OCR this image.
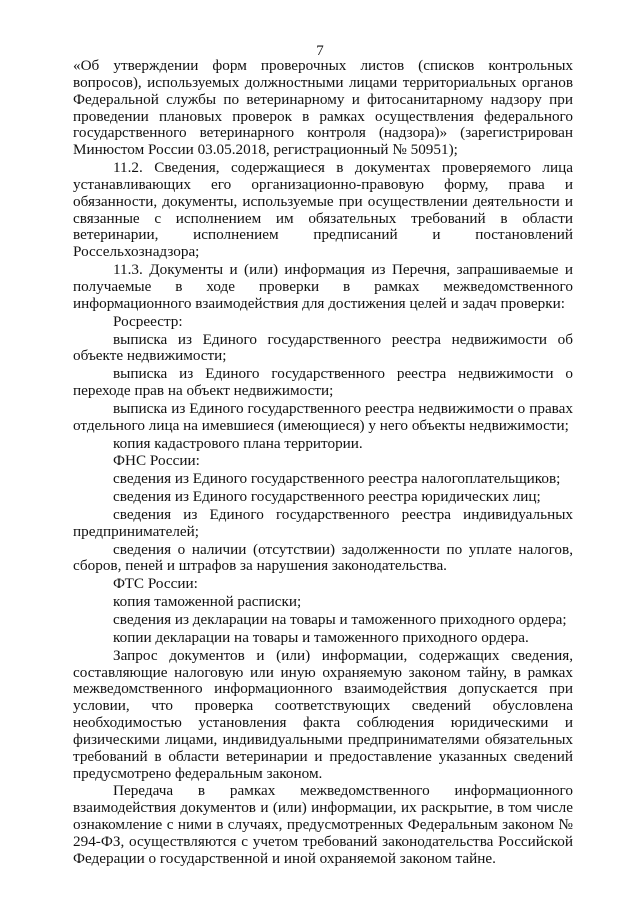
7

«Об утверждении форм проверочных листов (списков контрольных вопросов), используемых должностными лицами территориальных органов Федеральной службы по ветеринарному и фитосанитарному надзору при проведении плановых проверок в рамках осуществления федерального государственного ветеринарного контроля (надзора)» (зарегистрирован Минюстом России 03.05.2018, регистрационный № 50951);

11.2. Сведения, содержащиеся в документах проверяемого лица устанавливающих его организационно-правовую форму, права и обязанности, документы, используемые при осуществлении деятельности и связанные с исполнением им обязательных требований в области ветеринарии, исполнением предписаний и постановлений Россельхознадзора;

11.3. Документы и (или) информация из Перечня, запрашиваемые и получаемые в ходе проверки в рамках межведомственного информационного взаимодействия для достижения целей и задач проверки:

Росреестр:

выписка из Единого государственного реестра недвижимости об объекте недвижимости;

выписка из Единого государственного реестра недвижимости о переходе прав на объект недвижимости;

выписка из Единого государственного реестра недвижимости о правах отдельного лица на имевшиеся (имеющиеся) у него объекты недвижимости;

копия кадастрового плана территории.

ФНС России:

сведения из Единого государственного реестра налогоплательщиков;

сведения из Единого государственного реестра юридических лиц;

сведения из Единого государственного реестра индивидуальных предпринимателей;

сведения о наличии (отсутствии) задолженности по уплате налогов, сборов, пеней и штрафов за нарушения законодательства.

ФТС России:

копия таможенной расписки;

сведения из декларации на товары и таможенного приходного ордера;

копии декларации на товары и таможенного приходного ордера.

Запрос документов и (или) информации, содержащих сведения, составляющие налоговую или иную охраняемую законом тайну, в рамках межведомственного информационного взаимодействия допускается при условии, что проверка соответствующих сведений обусловлена необходимостью установления факта соблюдения юридическими и физическими лицами, индивидуальными предпринимателями обязательных требований в области ветеринарии и предоставление указанных сведений предусмотрено федеральным законом.

Передача в рамках межведомственного информационного взаимодействия документов и (или) информации, их раскрытие, в том числе ознакомление с ними в случаях, предусмотренных Федеральным законом № 294-ФЗ, осуществляются с учетом требований законодательства Российской Федерации о государственной и иной охраняемой законом тайне.
